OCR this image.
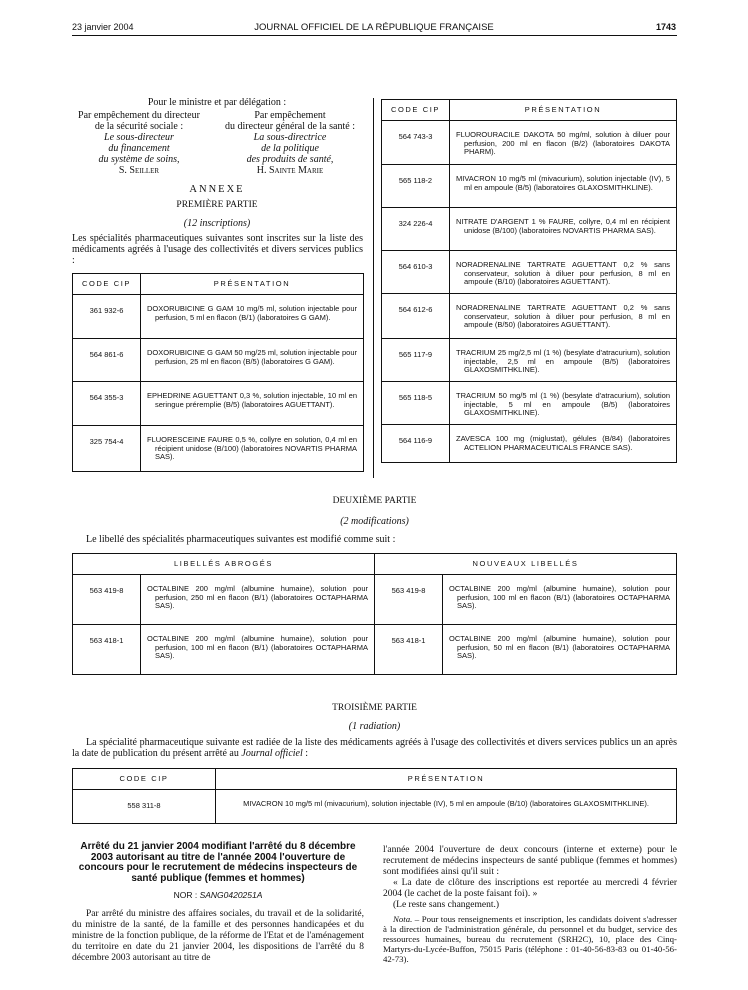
23 janvier 2004	JOURNAL OFFICIEL DE LA RÉPUBLIQUE FRANÇAISE	1743
Pour le ministre et par délégation :
Par empêchement du directeur
de la sécurité sociale :
Le sous-directeur
du financement
du système de soins,
S. Seiller
Par empêchement
du directeur général de la santé :
La sous-directrice
de la politique
des produits de santé,
H. Sainte Marie
ANNEXE
PREMIÈRE PARTIE
(12 inscriptions)
Les spécialités pharmaceutiques suivantes sont inscrites sur la liste des médicaments agréés à l'usage des collectivités et divers services publics :
CODE CIP	PRÉSENTATION
361 932-6	DOXORUBICINE G GAM 10 mg/5 ml, solution injectable pour perfusion, 5 ml en flacon (B/1) (laboratoires G GAM).

564 861-6	DOXORUBICINE G GAM 50 mg/25 ml, solution injectable pour perfusion, 25 ml en flacon (B/5) (laboratoires G GAM).

564 355-3	EPHEDRINE AGUETTANT 0,3 %, solution injectable, 10 ml en seringue préremplie (B/5) (laboratoires AGUETTANT).

325 754-4	FLUORESCEINE FAURE 0,5 %, collyre en solution, 0,4 ml en récipient unidose (B/100) (laboratoires NOVARTIS PHARMA SAS).
CODE CIP	PRÉSENTATION
564 743-3	FLUOROURACILE DAKOTA 50 mg/ml, solution à diluer pour perfusion, 200 ml en flacon (B/2) (laboratoires DAKOTA PHARM).

565 118-2	MIVACRON 10 mg/5 ml (mivacurium), solution injectable (IV), 5 ml en ampoule (B/5) (laboratoires GLAXOSMITHKLINE).

324 226-4	NITRATE D'ARGENT 1 % FAURE, collyre, 0,4 ml en récipient unidose (B/100) (laboratoires NOVARTIS PHARMA SAS).

564 610-3	NORADRENALINE TARTRATE AGUETTANT 0,2 % sans conservateur, solution à diluer pour perfusion, 8 ml en ampoule (B/10) (laboratoires AGUETTANT).

564 612-6	NORADRENALINE TARTRATE AGUETTANT 0,2 % sans conservateur, solution à diluer pour perfusion, 8 ml en ampoule (B/50) (laboratoires AGUETTANT).

565 117-9	TRACRIUM 25 mg/2,5 ml (1 %) (besylate d'atracurium), solution injectable, 2,5 ml en ampoule (B/5) (laboratoires GLAXOSMITHKLINE).

565 118-5	TRACRIUM 50 mg/5 ml (1 %) (besylate d'atracurium), solution injectable, 5 ml en ampoule (B/5) (laboratoires GLAXOSMITHKLINE).

564 116-9	ZAVESCA 100 mg (miglustat), gélules (B/84) (laboratoires ACTELION PHARMACEUTICALS FRANCE SAS).
DEUXIÈME PARTIE
(2 modifications)
Le libellé des spécialités pharmaceutiques suivantes est modifié comme suit :
LIBELLÉS ABROGÉS		NOUVEAUX LIBELLÉS	
563 419-8	OCTALBINE 200 mg/ml (albumine humaine), solution pour perfusion, 250 ml en flacon (B/1) (laboratoires OCTAPHARMA SAS).	563 419-8	OCTALBINE 200 mg/ml (albumine humaine), solution pour perfusion, 100 ml en flacon (B/1) (laboratoires OCTAPHARMA SAS).

563 418-1	OCTALBINE 200 mg/ml (albumine humaine), solution pour perfusion, 100 ml en flacon (B/1) (laboratoires OCTAPHARMA SAS).	563 418-1	OCTALBINE 200 mg/ml (albumine humaine), solution pour perfusion, 50 ml en flacon (B/1) (laboratoires OCTAPHARMA SAS).
TROISIÈME PARTIE
(1 radiation)
La spécialité pharmaceutique suivante est radiée de la liste des médicaments agréés à l'usage des collectivités et divers services publics un an après la date de publication du présent arrêté au Journal officiel :
CODE CIP	PRÉSENTATION
558 311-8	MIVACRON 10 mg/5 ml (mivacurium), solution injectable (IV), 5 ml en ampoule (B/10) (laboratoires GLAXOSMITHKLINE).
Arrêté du 21 janvier 2004 modifiant l'arrêté du 8 décembre 2003 autorisant au titre de l'année 2004 l'ouverture de concours pour le recrutement de médecins inspecteurs de santé publique (femmes et hommes)
NOR : SANG0420251A
Par arrêté du ministre des affaires sociales, du travail et de la solidarité, du ministre de la santé, de la famille et des personnes handicapées et du ministre de la fonction publique, de la réforme de l'Etat et de l'aménagement du territoire en date du 21 janvier 2004, les dispositions de l'arrêté du 8 décembre 2003 autorisant au titre de
l'année 2004 l'ouverture de deux concours (interne et externe) pour le recrutement de médecins inspecteurs de santé publique (femmes et hommes) sont modifiées ainsi qu'il suit :
« La date de clôture des inscriptions est reportée au mercredi 4 février 2004 (le cachet de la poste faisant foi). »
(Le reste sans changement.)
Nota. – Pour tous renseignements et inscription, les candidats doivent s'adresser à la direction de l'administration générale, du personnel et du budget, service des ressources humaines, bureau du recrutement (SRH2C), 10, place des Cinq-Martyrs-du-Lycée-Buffon, 75015 Paris (téléphone : 01-40-56-83-83 ou 01-40-56-42-73).
